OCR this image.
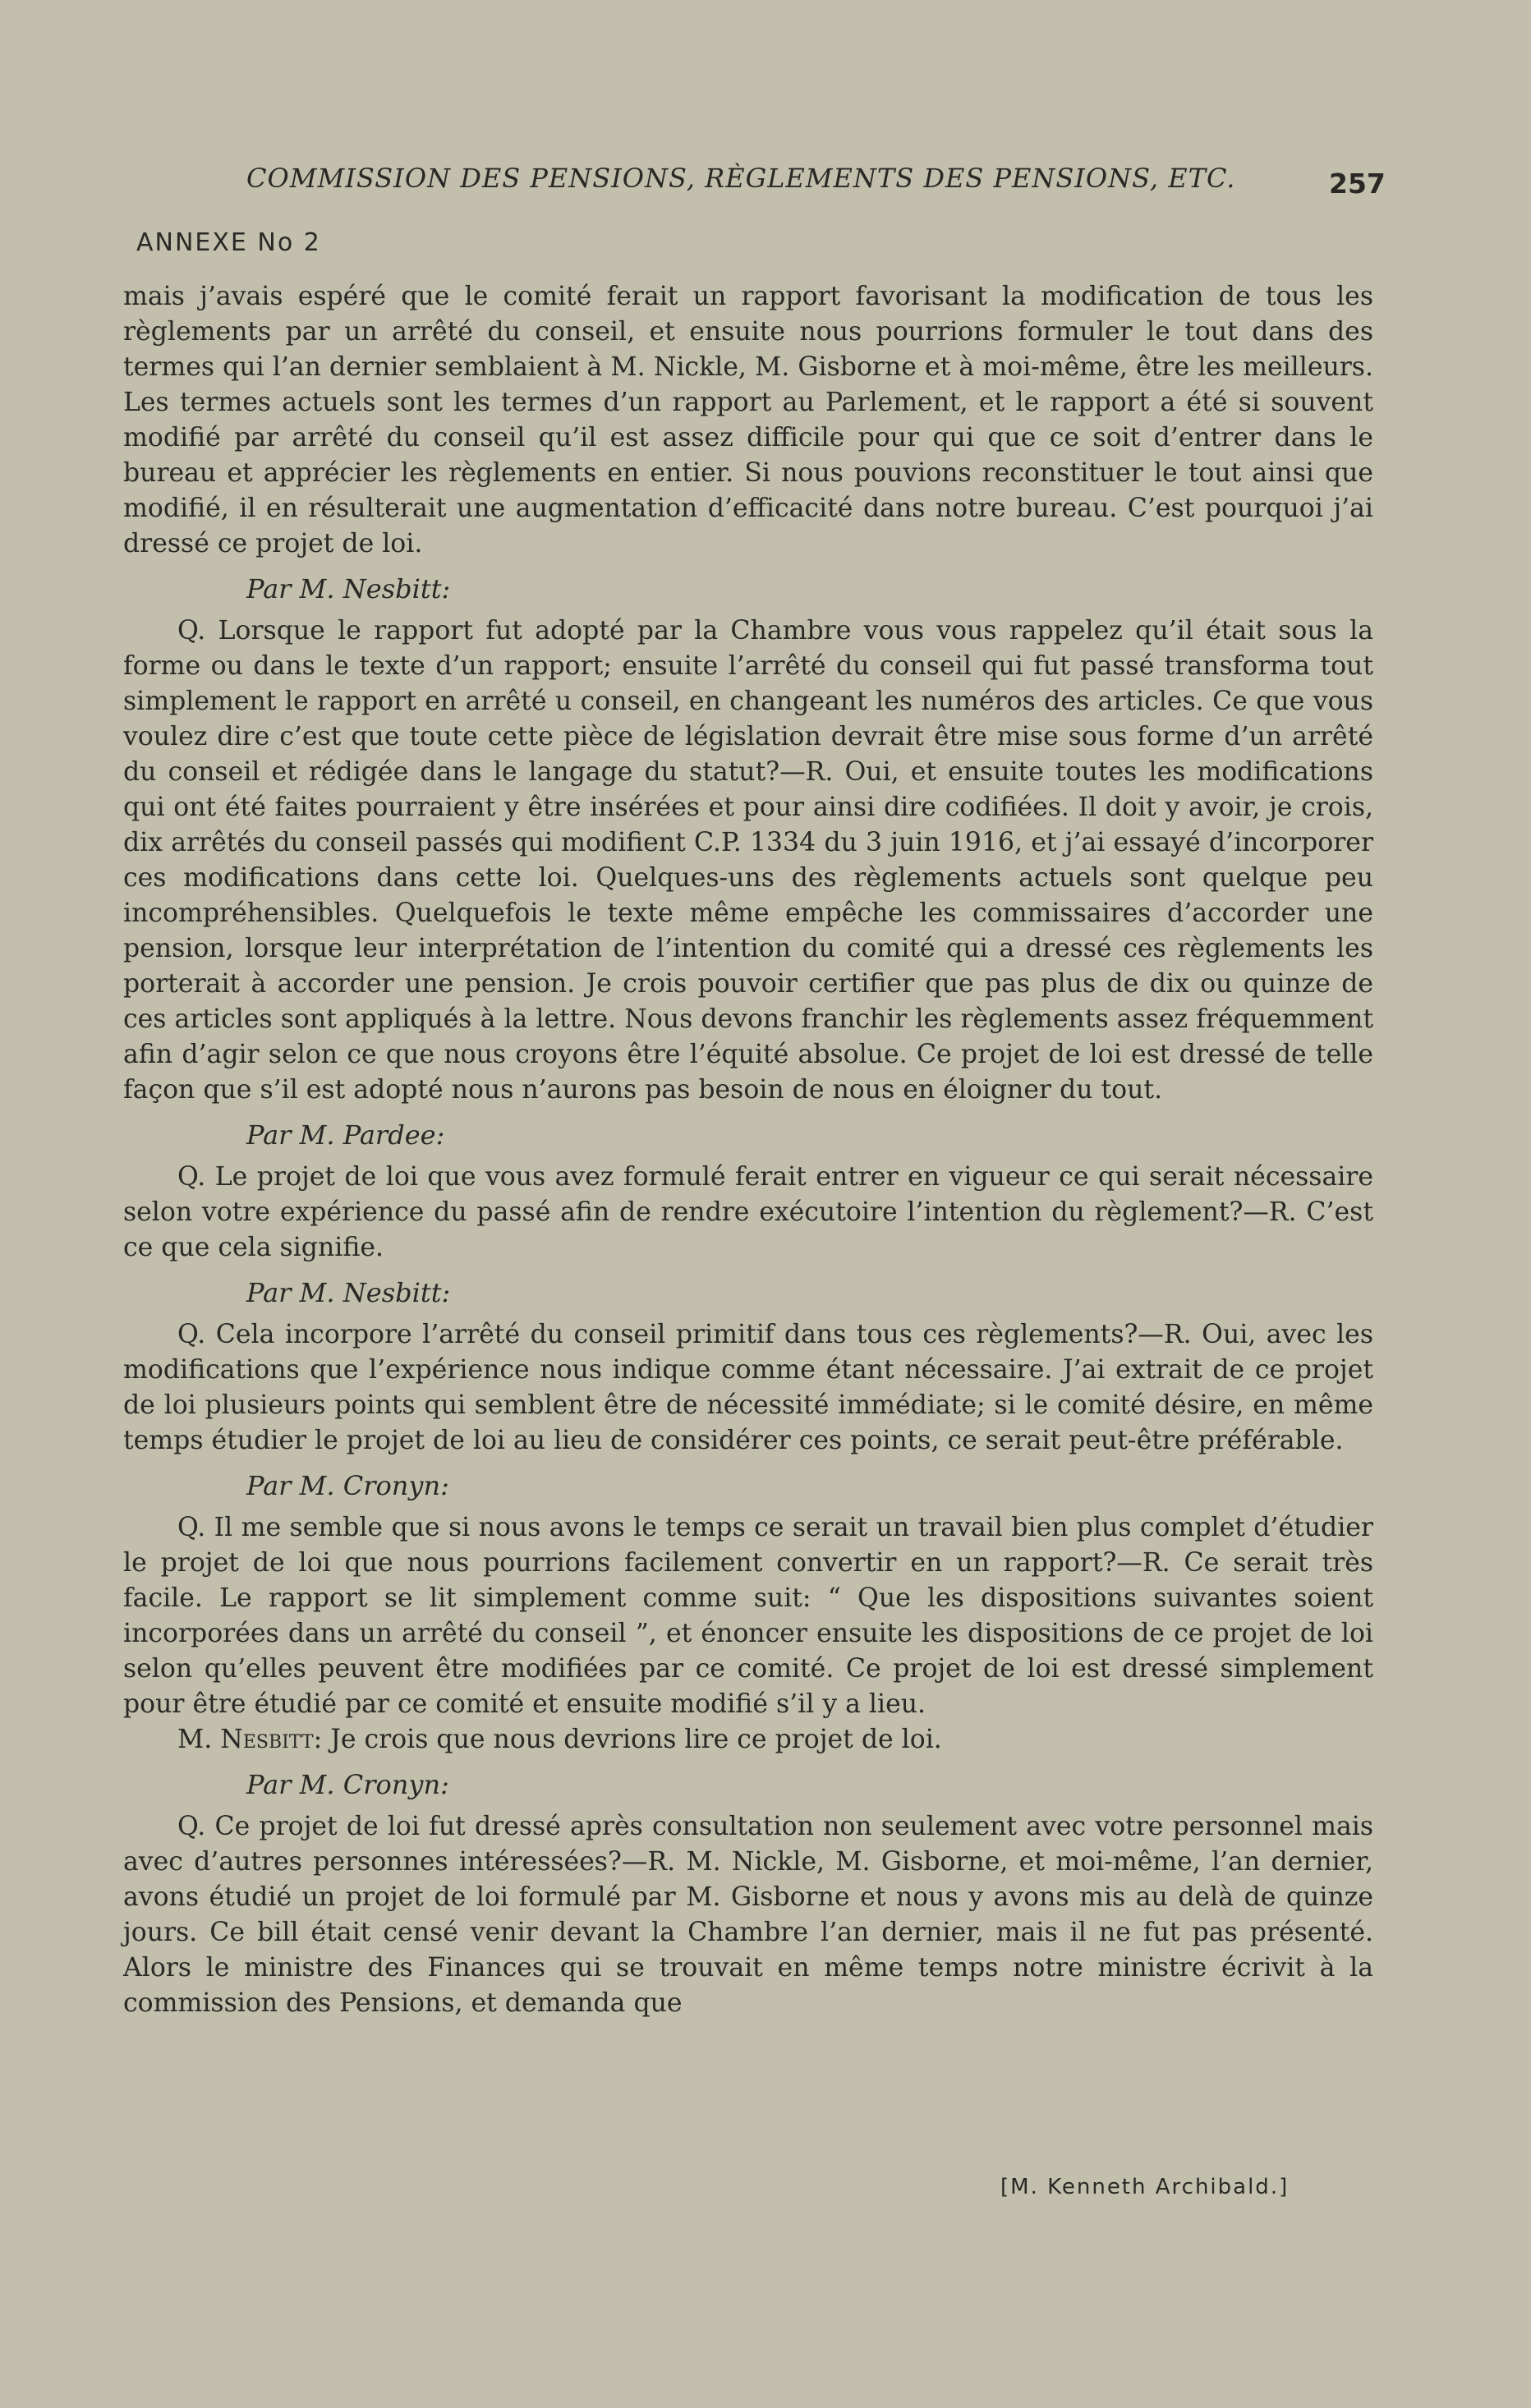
COMMISSION DES PENSIONS, RÈGLEMENTS DES PENSIONS, ETC.	257
ANNEXE No 2

mais j’avais espéré que le comité ferait un rapport favorisant la modification de tous les règlements par un arrêté du conseil, et ensuite nous pourrions formuler le tout dans des termes qui l’an dernier semblaient à M. Nickle, M. Gisborne et à moi-même, être les meilleurs. Les termes actuels sont les termes d’un rapport au Parlement, et le rapport a été si souvent modifié par arrêté du conseil qu’il est assez difficile pour qui que ce soit d’entrer dans le bureau et apprécier les règlements en entier. Si nous pouvions reconstituer le tout ainsi que modifié, il en résulterait une augmentation d’efficacité dans notre bureau. C’est pourquoi j’ai dressé ce projet de loi.

Par M. Nesbitt:

Q. Lorsque le rapport fut adopté par la Chambre vous vous rappelez qu’il était sous la forme ou dans le texte d’un rapport; ensuite l’arrêté du conseil qui fut passé transforma tout simplement le rapport en arrêté u conseil, en changeant les numéros des articles. Ce que vous voulez dire c’est que toute cette pièce de législation devrait être mise sous forme d’un arrêté du conseil et rédigée dans le langage du statut?—R. Oui, et ensuite toutes les modifications qui ont été faites pourraient y être insérées et pour ainsi dire codifiées. Il doit y avoir, je crois, dix arrêtés du conseil passés qui modifient C.P. 1334 du 3 juin 1916, et j’ai essayé d’incorporer ces modifications dans cette loi. Quelques-uns des règlements actuels sont quelque peu incompréhensibles. Quelquefois le texte même empêche les commissaires d’accorder une pension, lorsque leur interprétation de l’intention du comité qui a dressé ces règlements les porterait à accorder une pension. Je crois pouvoir certifier que pas plus de dix ou quinze de ces articles sont appliqués à la lettre. Nous devons franchir les règlements assez fréquemment afin d’agir selon ce que nous croyons être l’équité absolue. Ce projet de loi est dressé de telle façon que s’il est adopté nous n’aurons pas besoin de nous en éloigner du tout.

Par M. Pardee:

Q. Le projet de loi que vous avez formulé ferait entrer en vigueur ce qui serait nécessaire selon votre expérience du passé afin de rendre exécutoire l’intention du règlement?—R. C’est ce que cela signifie.

Par M. Nesbitt:

Q. Cela incorpore l’arrêté du conseil primitif dans tous ces règlements?—R. Oui, avec les modifications que l’expérience nous indique comme étant nécessaire. J’ai extrait de ce projet de loi plusieurs points qui semblent être de nécessité immédiate; si le comité désire, en même temps étudier le projet de loi au lieu de considérer ces points, ce serait peut-être préférable.

Par M. Cronyn:

Q. Il me semble que si nous avons le temps ce serait un travail bien plus complet d’étudier le projet de loi que nous pourrions facilement convertir en un rapport?—R. Ce serait très facile. Le rapport se lit simplement comme suit: “ Que les dispositions suivantes soient incorporées dans un arrêté du conseil ”, et énoncer ensuite les dispositions de ce projet de loi selon qu’elles peuvent être modifiées par ce comité. Ce projet de loi est dressé simplement pour être étudié par ce comité et ensuite modifié s’il y a lieu.

M. Nesbitt: Je crois que nous devrions lire ce projet de loi.

Par M. Cronyn:

Q. Ce projet de loi fut dressé après consultation non seulement avec votre personnel mais avec d’autres personnes intéressées?—R. M. Nickle, M. Gisborne, et moi-même, l’an dernier, avons étudié un projet de loi formulé par M. Gisborne et nous y avons mis au delà de quinze jours. Ce bill était censé venir devant la Chambre l’an dernier, mais il ne fut pas présenté. Alors le ministre des Finances qui se trouvait en même temps notre ministre écrivit à la commission des Pensions, et demanda que

[M. Kenneth Archibald.]
